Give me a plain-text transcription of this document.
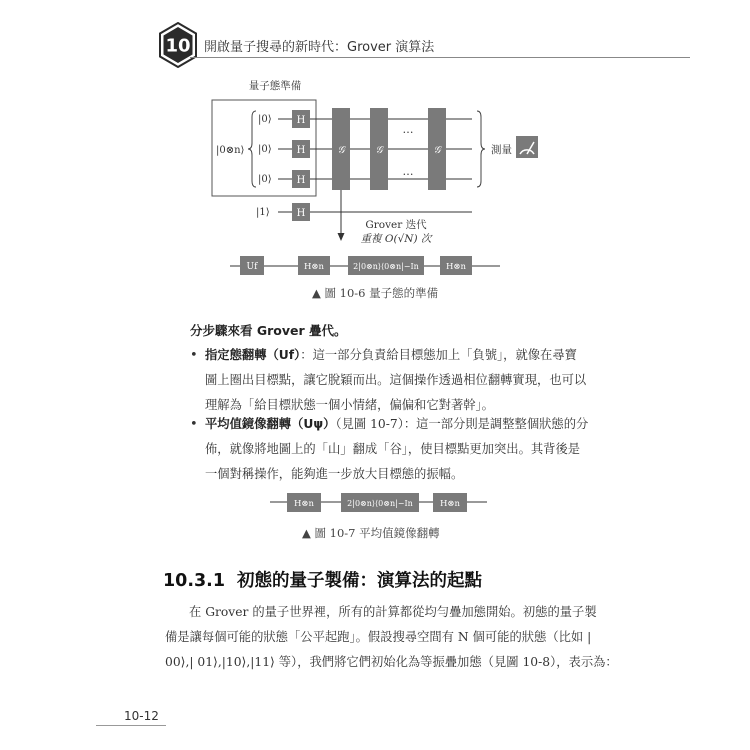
10 開啟量子搜尋的新時代：Grover 演算法
量子態準備
|0⊗n⟩
|0⟩
|0⟩
|0⟩
|1⟩
H
H
H
H
𝒢	𝒢	𝒢
…
…
測量
Grover 迭代
重複 O(√N) 次
Uf	H⊗n	2|0⊗n⟩⟨0⊗n|−In	H⊗n
▲ 圖 10-6 量子態的準備
分步驟來看 Grover 疊代。
• 指定態翻轉（Uf）：這一部分負責給目標態加上「負號」，就像在尋寶
圖上圈出目標點，讓它脫穎而出。這個操作透過相位翻轉實現，也可以
理解為「給目標狀態一個小情緒，偏偏和它對著幹」。
• 平均值鏡像翻轉（Uψ）（見圖 10-7）：這一部分則是調整整個狀態的分
佈，就像將地圖上的「山」翻成「谷」，使目標點更加突出。其背後是
一個對稱操作，能夠進一步放大目標態的振幅。
H⊗n	2|0⊗n⟩⟨0⊗n|−In	H⊗n
▲ 圖 10-7 平均值鏡像翻轉
10.3.1 初態的量子製備：演算法的起點
在 Grover 的量子世界裡，所有的計算都從均勻疊加態開始。初態的量子製
備是讓每個可能的狀態「公平起跑」。假設搜尋空間有 N 個可能的狀態（比如 |
00⟩,| 01⟩,|10⟩,|11⟩ 等），我們將它們初始化為等振疊加態（見圖 10-8），表示為：
10-12
